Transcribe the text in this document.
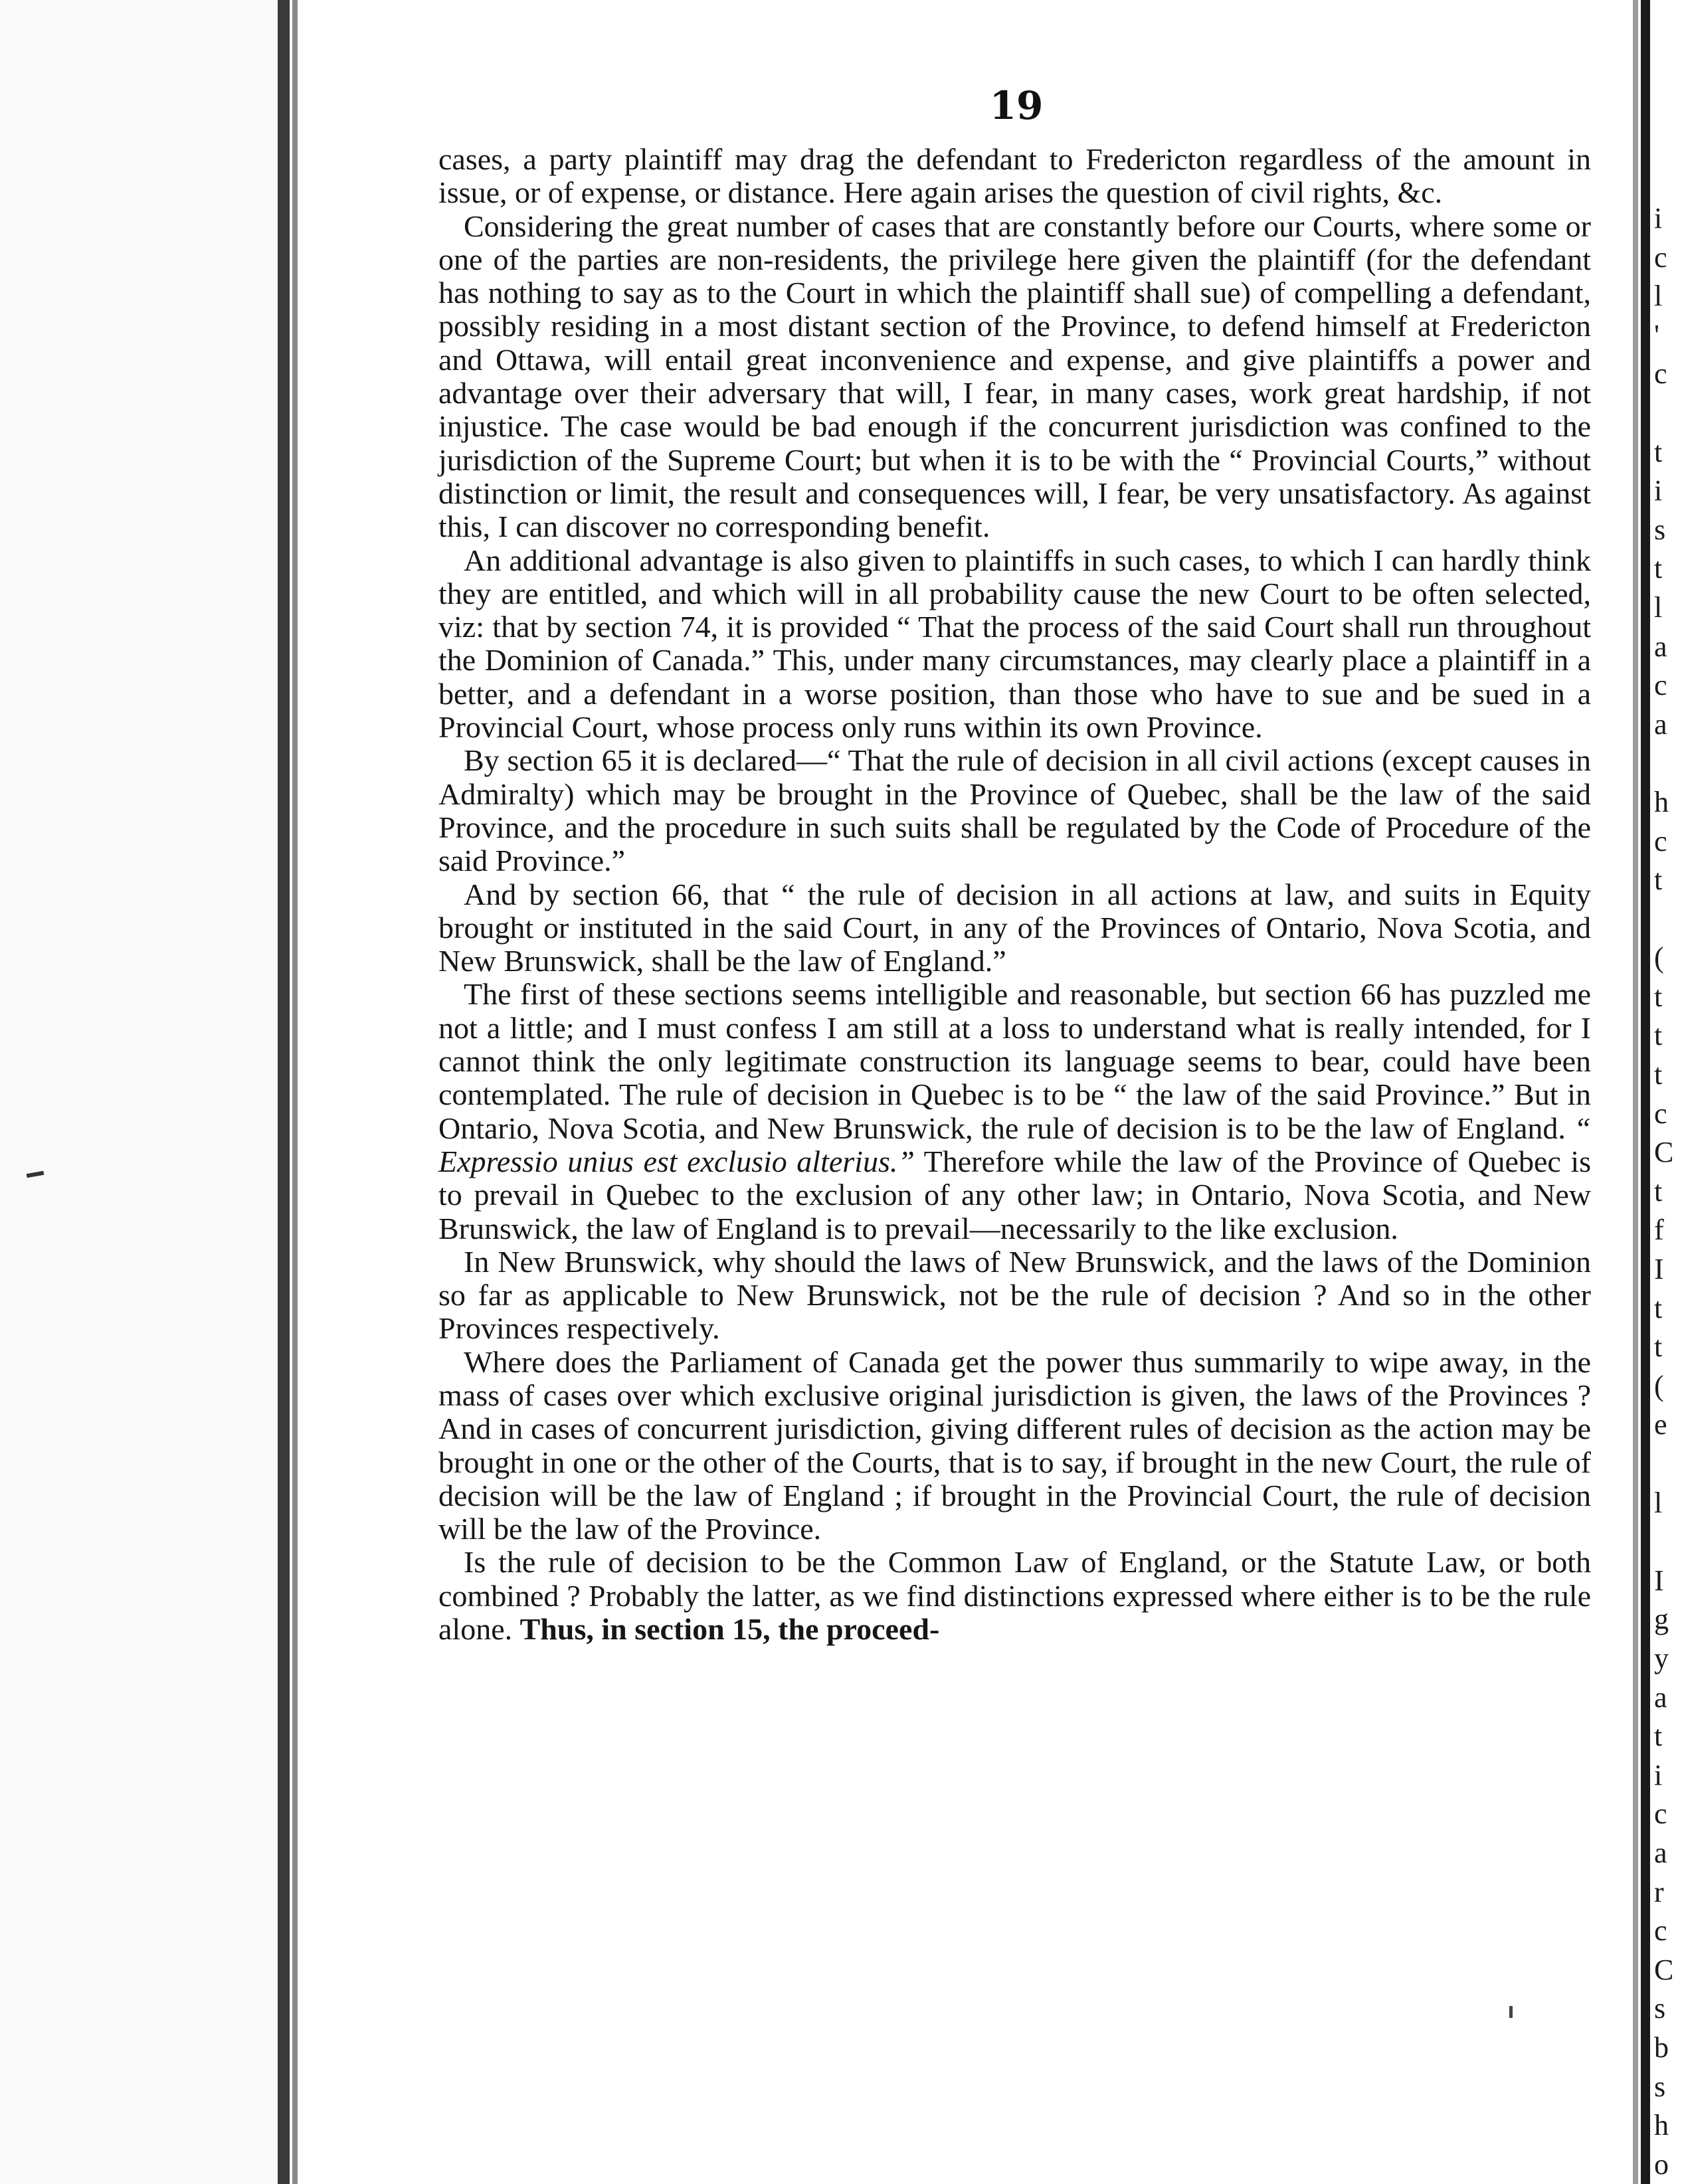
19

cases, a party plaintiff may drag the defendant to Fredericton regardless of the amount in issue, or of expense, or distance. Here again arises the question of civil rights, &c.

Considering the great number of cases that are constantly before our Courts, where some or one of the parties are non-residents, the privilege here given the plaintiff (for the defendant has nothing to say as to the Court in which the plaintiff shall sue) of compelling a defendant, possibly residing in a most distant section of the Province, to defend himself at Fredericton and Ottawa, will entail great inconvenience and expense, and give plaintiffs a power and advantage over their adversary that will, I fear, in many cases, work great hardship, if not injustice. The case would be bad enough if the concurrent jurisdiction was confined to the jurisdiction of the Supreme Court; but when it is to be with the “ Provincial Courts,” without distinction or limit, the result and consequences will, I fear, be very unsatisfactory. As against this, I can discover no corresponding benefit.

An additional advantage is also given to plaintiffs in such cases, to which I can hardly think they are entitled, and which will in all probability cause the new Court to be often selected, viz: that by section 74, it is provided “ That the process of the said Court shall run throughout the Dominion of Canada.” This, under many circumstances, may clearly place a plaintiff in a better, and a defendant in a worse position, than those who have to sue and be sued in a Provincial Court, whose process only runs within its own Province.

By section 65 it is declared—“ That the rule of decision in all civil actions (except causes in Admiralty) which may be brought in the Province of Quebec, shall be the law of the said Province, and the procedure in such suits shall be regulated by the Code of Procedure of the said Province.”

And by section 66, that “ the rule of decision in all actions at law, and suits in Equity brought or instituted in the said Court, in any of the Provinces of Ontario, Nova Scotia, and New Brunswick, shall be the law of England.”

The first of these sections seems intelligible and reasonable, but section 66 has puzzled me not a little; and I must confess I am still at a loss to understand what is really intended, for I cannot think the only legitimate construction its language seems to bear, could have been contemplated. The rule of decision in Quebec is to be “ the law of the said Province.” But in Ontario, Nova Scotia, and New Brunswick, the rule of decision is to be the law of England. “ Expressio unius est exclusio alterius.” Therefore while the law of the Province of Quebec is to prevail in Quebec to the exclusion of any other law; in Ontario, Nova Scotia, and New Brunswick, the law of England is to prevail—necessarily to the like exclusion.

In New Brunswick, why should the laws of New Brunswick, and the laws of the Dominion so far as applicable to New Brunswick, not be the rule of decision ? And so in the other Provinces respectively.

Where does the Parliament of Canada get the power thus summarily to wipe away, in the mass of cases over which exclusive original jurisdiction is given, the laws of the Provinces ? And in cases of concurrent jurisdiction, giving different rules of decision as the action may be brought in one or the other of the Courts, that is to say, if brought in the new Court, the rule of decision will be the law of England ; if brought in the Provincial Court, the rule of decision will be the law of the Province.

Is the rule of decision to be the Common Law of England, or the Statute Law, or both combined ? Probably the latter, as we find distinctions expressed where either is to be the rule alone. Thus, in section 15, the proceed-

i
c
l
'
c
t
i
s
t
l
a
c
a
h
c
t
(
t
t
t
c
C
t
f
I
t
t
(
e
l
I
g
y
a
t
i
c
a
r
c
C
s
b
s
h
o
